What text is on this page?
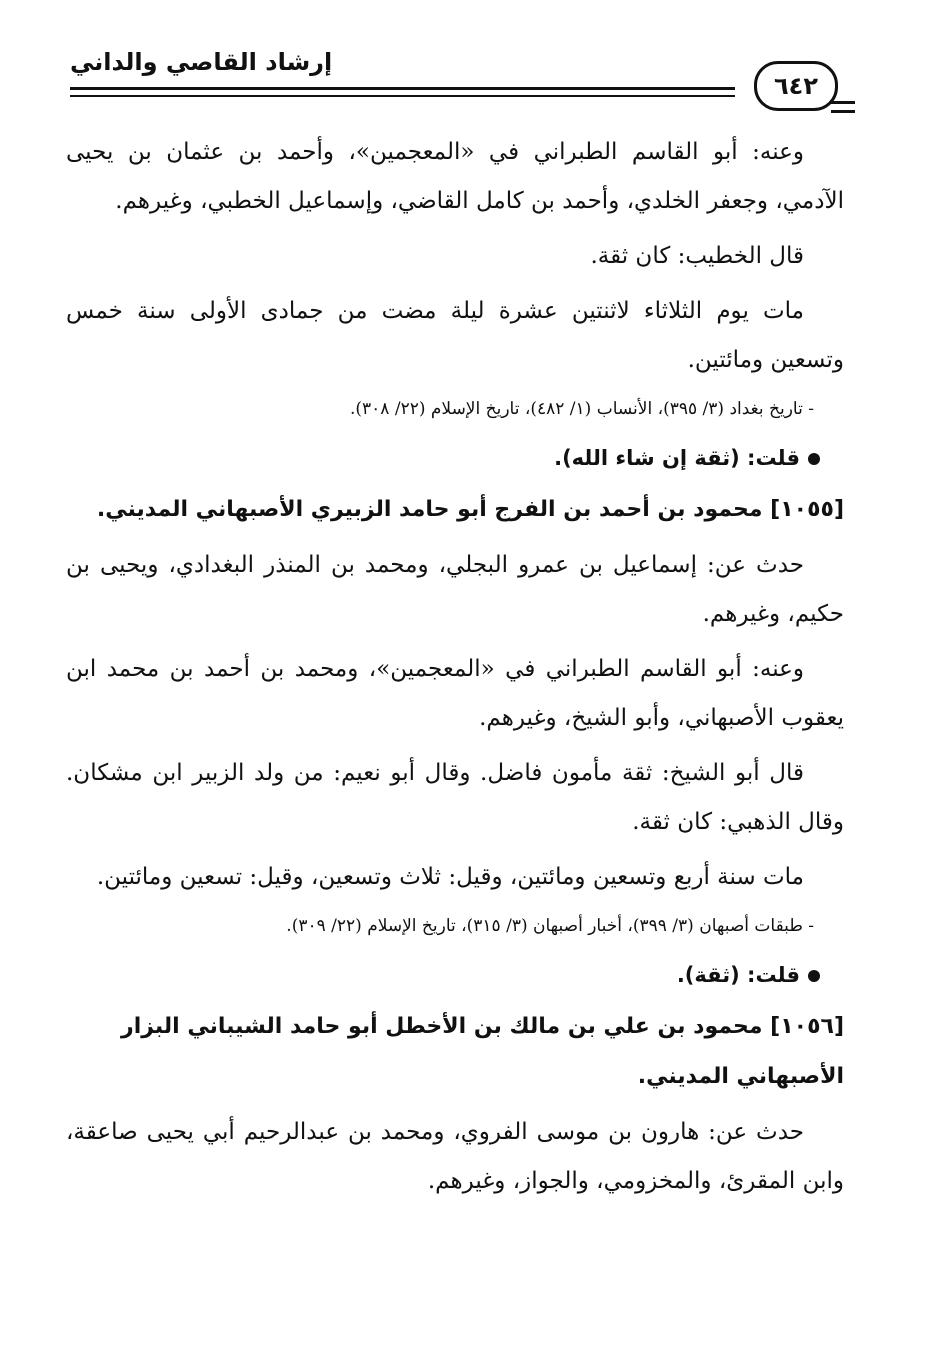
إرشاد القاصي والداني
٦٤٢

وعنه: أبو القاسم الطبراني في «المعجمين»، وأحمد بن عثمان بن يحيى الآدمي، وجعفر الخلدي، وأحمد بن كامل القاضي، وإسماعيل الخطبي، وغيرهم.

قال الخطيب: كان ثقة.

مات يوم الثلاثاء لاثنتين عشرة ليلة مضت من جمادى الأولى سنة خمس وتسعين ومائتين.

- تاريخ بغداد (٣/ ٣٩٥)، الأنساب (١/ ٤٨٢)، تاريخ الإسلام (٢٢/ ٣٠٨).

قلت: (ثقة إن شاء الله).

[١٠٥٥] محمود بن أحمد بن الفرج أبو حامد الزبيري الأصبهاني المديني.

حدث عن: إسماعيل بن عمرو البجلي، ومحمد بن المنذر البغدادي، ويحيى بن حكيم، وغيرهم.

وعنه: أبو القاسم الطبراني في «المعجمين»، ومحمد بن أحمد بن محمد ابن يعقوب الأصبهاني، وأبو الشيخ، وغيرهم.

قال أبو الشيخ: ثقة مأمون فاضل. وقال أبو نعيم: من ولد الزبير ابن مشكان. وقال الذهبي: كان ثقة.

مات سنة أربع وتسعين ومائتين، وقيل: ثلاث وتسعين، وقيل: تسعين ومائتين.

- طبقات أصبهان (٣/ ٣٩٩)، أخبار أصبهان (٣/ ٣١٥)، تاريخ الإسلام (٢٢/ ٣٠٩).

قلت: (ثقة).

[١٠٥٦] محمود بن علي بن مالك بن الأخطل أبو حامد الشيباني البزار الأصبهاني المديني.

حدث عن: هارون بن موسى الفروي، ومحمد بن عبدالرحيم أبي يحيى صاعقة، وابن المقرئ، والمخزومي، والجواز، وغيرهم.
